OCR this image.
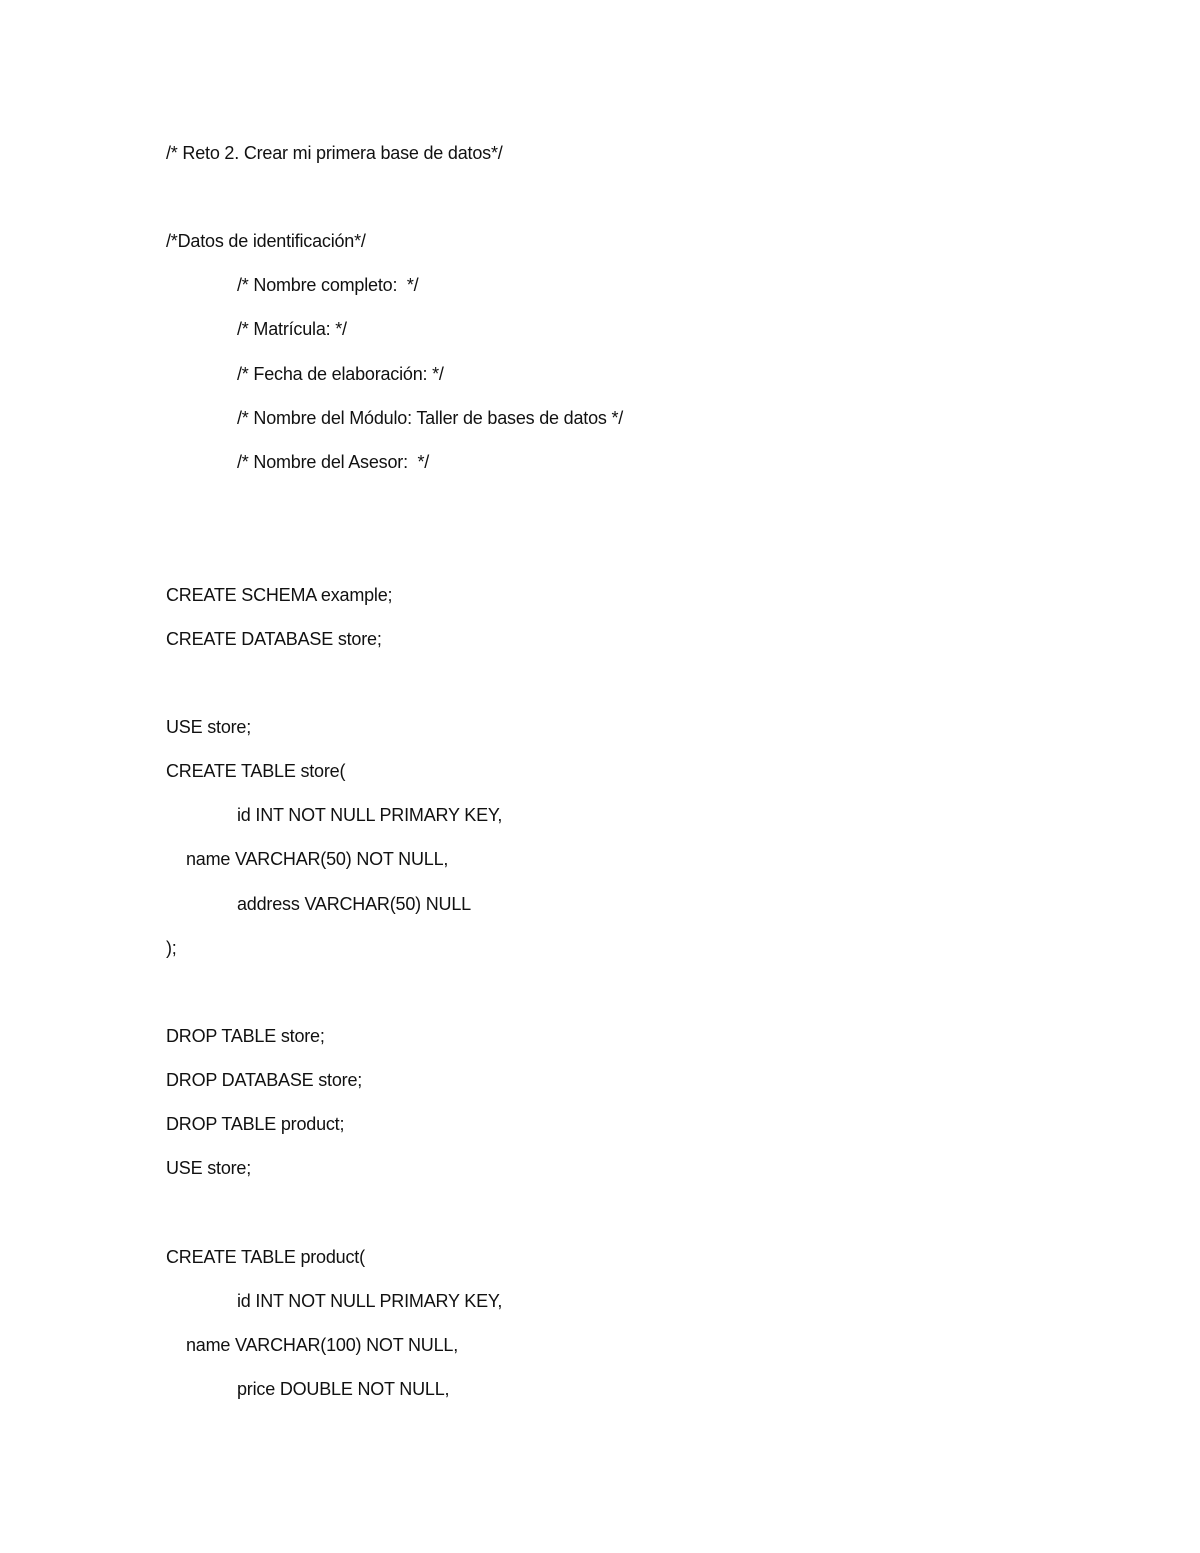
/* Reto 2. Crear mi primera base de datos*/
/*Datos de identificación*/
/* Nombre completo:  */
/* Matrícula: */
/* Fecha de elaboración: */
/* Nombre del Módulo: Taller de bases de datos */
/* Nombre del Asesor:  */
CREATE SCHEMA example;
CREATE DATABASE store;
USE store;
CREATE TABLE store(
id INT NOT NULL PRIMARY KEY,
name VARCHAR(50) NOT NULL,
address VARCHAR(50) NULL
);
DROP TABLE store;
DROP DATABASE store;
DROP TABLE product;
USE store;
CREATE TABLE product(
id INT NOT NULL PRIMARY KEY,
name VARCHAR(100) NOT NULL,
price DOUBLE NOT NULL,
